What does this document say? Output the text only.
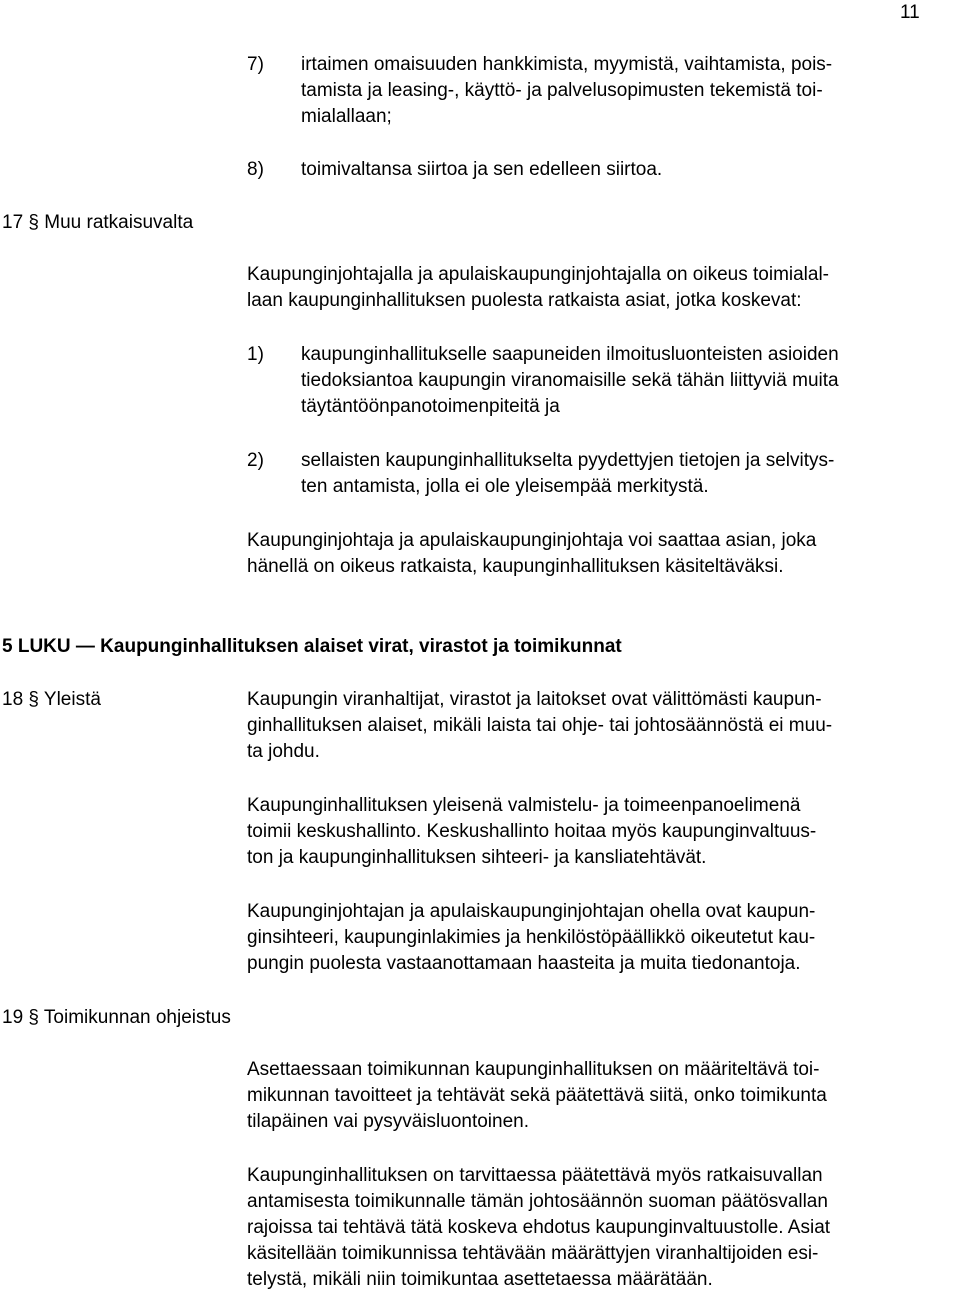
11
7) irtaimen omaisuuden hankkimista, myymistä, vaihtamista, pois-
tamista ja leasing-, käyttö- ja palvelusopimusten tekemistä toi-
mialallaan;
8) toimivaltansa siirtoa ja sen edelleen siirtoa.
17 § Muu ratkaisuvalta
Kaupunginjohtajalla ja apulaiskaupunginjohtajalla on oikeus toimialal-
laan kaupunginhallituksen puolesta ratkaista asiat, jotka koskevat:
1) kaupunginhallitukselle saapuneiden ilmoitusluonteisten asioiden
tiedoksiantoa kaupungin viranomaisille sekä tähän liittyviä muita
täytäntöönpanotoimenpiteitä ja
2) sellaisten kaupunginhallitukselta pyydettyjen tietojen ja selvitys-
ten antamista, jolla ei ole yleisempää merkitystä.
Kaupunginjohtaja ja apulaiskaupunginjohtaja voi saattaa asian, joka
hänellä on oikeus ratkaista, kaupunginhallituksen käsiteltäväksi.
5 LUKU ― Kaupunginhallituksen alaiset virat, virastot ja toimikunnat
18 § Yleistä	Kaupungin viranhaltijat, virastot ja laitokset ovat välittömästi kaupun-
ginhallituksen alaiset, mikäli laista tai ohje- tai johtosäännöstä ei muu-
ta johdu.
Kaupunginhallituksen yleisenä valmistelu- ja toimeenpanoelimenä
toimii keskushallinto. Keskushallinto hoitaa myös kaupunginvaltuus-
ton ja kaupunginhallituksen sihteeri- ja kansliatehtävät.
Kaupunginjohtajan ja apulaiskaupunginjohtajan ohella ovat kaupun-
ginsihteeri, kaupunginlakimies ja henkilöstöpäällikkö oikeutetut kau-
pungin puolesta vastaanottamaan haasteita ja muita tiedonantoja.
19 § Toimikunnan ohjeistus
Asettaessaan toimikunnan kaupunginhallituksen on määriteltävä toi-
mikunnan tavoitteet ja tehtävät sekä päätettävä siitä, onko toimikunta
tilapäinen vai pysyväisluontoinen.
Kaupunginhallituksen on tarvittaessa päätettävä myös ratkaisuvallan
antamisesta toimikunnalle tämän johtosäännön suoman päätösvallan
rajoissa tai tehtävä tätä koskeva ehdotus kaupunginvaltuustolle. Asiat
käsitellään toimikunnissa tehtävään määrättyjen viranhaltijoiden esi-
telystä, mikäli niin toimikuntaa asettetaessa määrätään.
